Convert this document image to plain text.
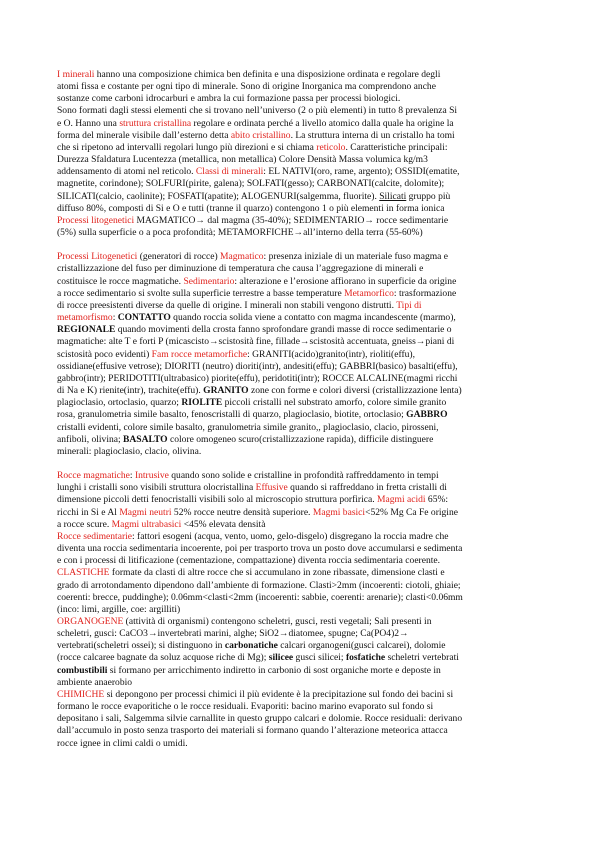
I minerali hanno una composizione chimica ben definita e una disposizione ordinata e regolare degli
atomi fissa e costante per ogni tipo di minerale. Sono di origine Inorganica ma comprendono anche
sostanze come carboni idrocarburi e ambra la cui formazione passa per processi biologici.
Sono formati dagli stessi elementi che si trovano nell’universo (2 o più elementi) in tutto 8 prevalenza Si
e O. Hanno una struttura cristallina regolare e ordinata perché a livello atomico dalla quale ha origine la
forma del minerale visibile dall’esterno detta abito cristallino. La struttura interna di un cristallo ha tomi
che si ripetono ad intervalli regolari lungo più direzioni e si chiama reticolo. Caratteristiche principali:
Durezza Sfaldatura Lucentezza (metallica, non metallica) Colore Densità Massa volumica kg/m3
addensamento di atomi nel reticolo. Classi di minerali: EL NATIVI(oro, rame, argento); OSSIDI(ematite,
magnetite, corindone); SOLFURI(pirite, galena); SOLFATI(gesso); CARBONATI(calcite, dolomite);
SILICATI(calcio, caolinite); FOSFATI(apatite); ALOGENURI(salgemma, fluorite). Silicati gruppo più
diffuso 80%, composti di Si e O e tutti (tranne il quarzo) contengono 1 o più elementi in forma ionica
Processi litogenetici MAGMATICO→ dal magma (35-40%); SEDIMENTARIO→ rocce sedimentarie
(5%) sulla superficie o a poca profondità; METAMORFICHE→all’interno della terra (55-60%)
Processi Litogenetici (generatori di rocce) Magmatico: presenza iniziale di un materiale fuso magma e
cristallizzazione del fuso per diminuzione di temperatura che causa l’aggregazione di minerali e
costituisce le rocce magmatiche. Sedimentario: alterazione e l’erosione affiorano in superficie da origine
a rocce sedimentario si svolte sulla superficie terrestre a basse temperature Metamorfico: trasformazione
di rocce preesistenti diverse da quelle di origine. I minerali non stabili vengono distrutti. Tipi di
metamorfismo: CONTATTO quando roccia solida viene a contatto con magma incandescente (marmo),
REGIONALE quando movimenti della crosta fanno sprofondare grandi masse di rocce sedimentarie o
magmatiche: alte T e forti P (micascisto→scistosità fine, fillade→scistosità accentuata, gneiss→piani di
scistosità poco evidenti) Fam rocce metamorfiche: GRANITI(acido)granito(intr), rioliti(effu),
ossidiane(effusive vetrose); DIORITI (neutro) dioriti(intr), andesiti(effu); GABBRI(basico) basalti(effu),
gabbro(intr); PERIDOTITI(ultrabasico) piorite(effu), peridotiti(intr); ROCCE ALCALINE(magmi ricchi
di Na e K) rienite(intr), trachite(effu). GRANITO zone con forme e colori diversi (cristallizzazione lenta)
plagioclasio, ortoclasio, quarzo; RIOLITE piccoli cristalli nel substrato amorfo, colore simile granito
rosa, granulometria simile basalto, fenoscristalli di quarzo, plagioclasio, biotite, ortoclasio; GABBRO
cristalli evidenti, colore simile basalto, granulometria simile granito,, plagioclasio, clacio, pirosseni,
anfiboli, olivina; BASALTO colore omogeneo scuro(cristallizzazione rapida), difficile distinguere
minerali: plagioclasio, clacio, olivina.
Rocce magmatiche: Intrusive quando sono solide e cristalline in profondità raffreddamento in tempi
lunghi i cristalli sono visibili struttura olocristallina Effusive quando si raffreddano in fretta cristalli di
dimensione piccoli detti fenocristalli visibili solo al microscopio struttura porfirica. Magmi acidi 65%:
ricchi in Si e Al Magmi neutri 52% rocce neutre densità superiore. Magmi basici<52% Mg Ca Fe origine
a rocce scure. Magmi ultrabasici <45% elevata densità
Rocce sedimentarie: fattori esogeni (acqua, vento, uomo, gelo-disgelo) disgregano la roccia madre che
diventa una roccia sedimentaria incoerente, poi per trasporto trova un posto dove accumularsi e sedimenta
e con i processi di litificazione (cementazione, compattazione) diventa roccia sedimentaria coerente.
CLASTICHE formate da clasti di altre rocce che si accumulano in zone ribassate, dimensione clasti e
grado di arrotondamento dipendono dall’ambiente di formazione. Clasti>2mm (incoerenti: ciotoli, ghiaie;
coerenti: brecce, puddinghe); 0.06mm<clasti<2mm (incoerenti: sabbie, coerenti: arenarie); clasti<0.06mm
(inco: limi, argille, coe: argilliti)
ORGANOGENE (attività di organismi) contengono scheletri, gusci, resti vegetali; Sali presenti in
scheletri, gusci: CaCO3→invertebrati marini, alghe; SiO2→diatomee, spugne; Ca(PO4)2→
vertebrati(scheletri ossei); si distinguono in carbonatiche calcari organogeni(gusci calcarei), dolomie
(rocce calcaree bagnate da soluz acquose riche di Mg); silicee gusci silicei; fosfatiche scheletri vertebrati
combustibili si formano per arricchimento indiretto in carbonio di sost organiche morte e deposte in
ambiente anaerobio
CHIMICHE si depongono per processi chimici il più evidente è la precipitazione sul fondo dei bacini si
formano le rocce evaporitiche o le rocce residuali. Evaporiti: bacino marino evaporato sul fondo si
depositano i sali, Salgemma silvie carnallite in questo gruppo calcari e dolomie. Rocce residuali: derivano
dall’accumulo in posto senza trasporto dei materiali si formano quando l’alterazione meteorica attacca
rocce ignee in climi caldi o umidi.
